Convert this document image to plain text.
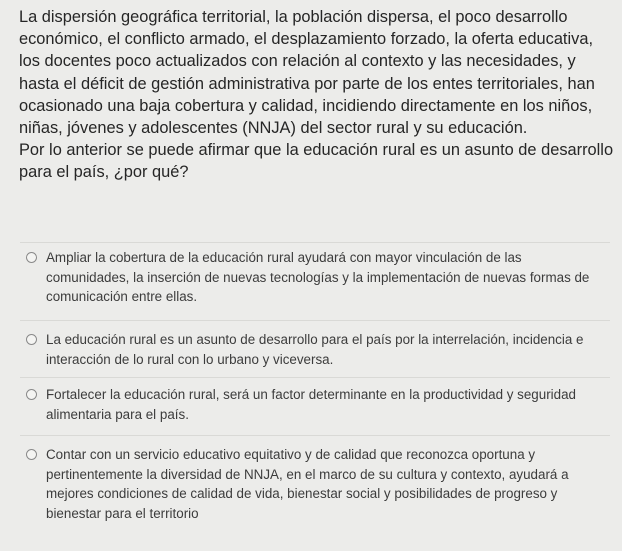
La dispersión geográfica territorial, la población dispersa, el poco desarrollo económico, el conflicto armado, el desplazamiento forzado, la oferta educativa, los docentes poco actualizados con relación al contexto y las necesidades, y hasta el déficit de gestión administrativa por parte de los entes territoriales, han ocasionado una baja cobertura y calidad, incidiendo directamente en los niños, niñas, jóvenes y adolescentes (NNJA) del sector rural y su educación.

Por lo anterior se puede afirmar que la educación rural es un asunto de desarrollo para el país, ¿por qué?

Ampliar la cobertura de la educación rural ayudará con mayor vinculación de las comunidades, la inserción de nuevas tecnologías y la implementación de nuevas formas de comunicación entre ellas.
La educación rural es un asunto de desarrollo para el país por la interrelación, incidencia e interacción de lo rural con lo urbano y viceversa.
Fortalecer la educación rural, será un factor determinante en la productividad y seguridad alimentaria para el país.
Contar con un servicio educativo equitativo y de calidad que reconozca oportuna y pertinentemente la diversidad de NNJA, en el marco de su cultura y contexto, ayudará a mejores condiciones de calidad de vida, bienestar social y posibilidades de progreso y bienestar para el territorio
